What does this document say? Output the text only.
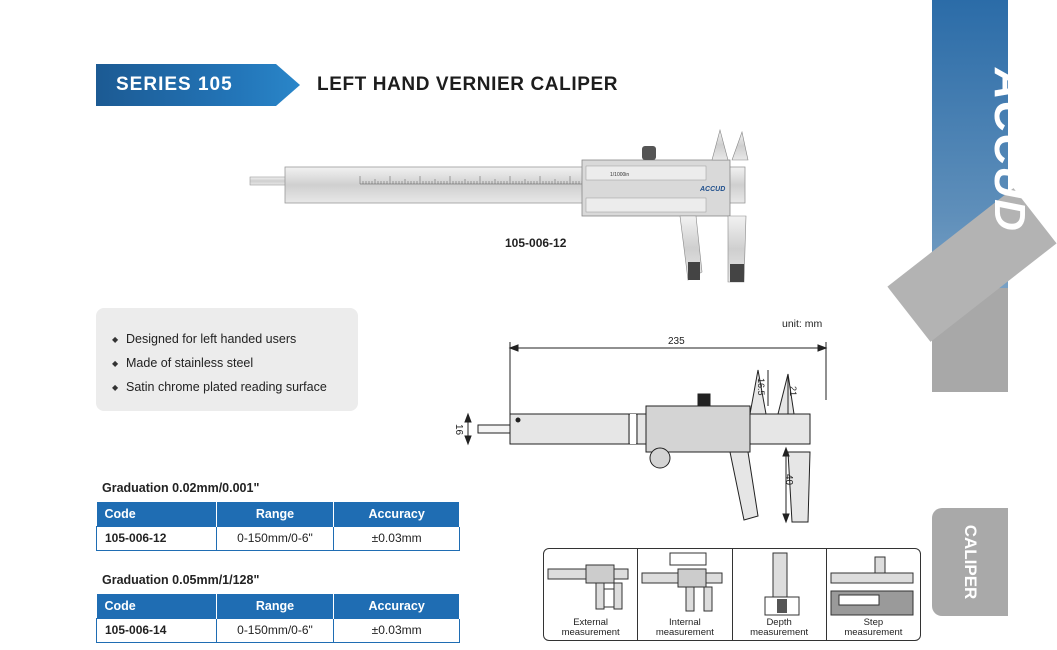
SERIES 105	LEFT HAND VERNIER CALIPER
ACCUD
1/1000in
105-006-12
◆ Designed for left handed users
◆ Made of stainless steel
◆ Satin chrome plated reading surface
Graduation 0.02mm/0.001"
Code	Range	Accuracy
105-006-12	0-150mm/0-6"	±0.03mm
Graduation 0.05mm/1/128"
Code	Range	Accuracy
105-006-14	0-150mm/0-6"	±0.03mm
unit: mm
235
16
16.5 21
40
External
measurement
Internal
measurement
Depth
measurement
Step
measurement
ACCUD
CALIPER
